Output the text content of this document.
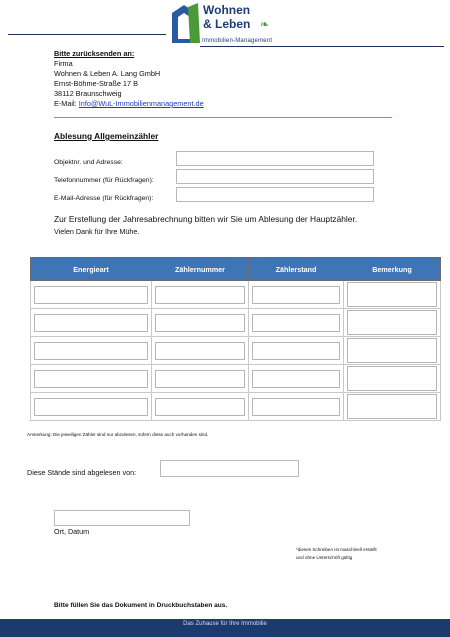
Wohnen
& Leben ❧
Immobilien-Management
Bitte zurücksenden an:
Firma
Wohnen & Leben A. Lang GmbH
Ernst-Böhme-Straße 17 B
38112 Braunschweig
E-Mail: Info@WuL-Immobilienmanagement.de
Ablesung Allgemeinzähler
Objektnr. und Adresse:
Telefonnummer (für Rückfragen):
E-Mail-Adresse (für Rückfragen):
Zur Erstellung der Jahresabrechnung bitten wir Sie um Ablesung der Hauptzähler.
Vielen Dank für Ihre Mühe.
Energieart	Zählernummer	Zählerstand	Bemerkung

Anmerkung: Die jeweiligen Zähler sind nur abzulesen, sofern diese auch vorhanden sind.
Diese Stände sind abgelesen von:
Ort, Datum
*dieses Schreiben ist maschinell erstellt
und ohne Unterschrift gültig
Bitte füllen Sie das Dokument in Druckbuchstaben aus.
Das Zuhause für Ihre Immobilie
